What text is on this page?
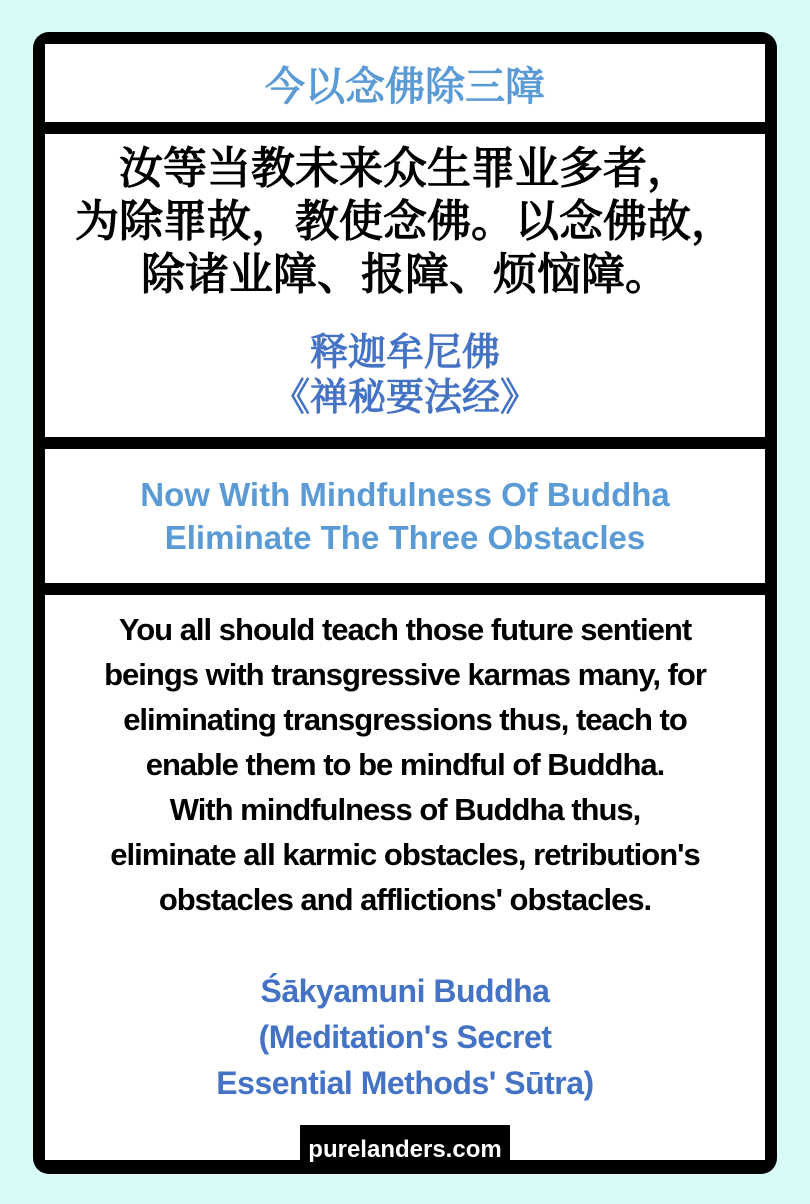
今以念佛除三障
汝等当教未来众生罪业多者，
为除罪故，教使念佛。以念佛故，
除诸业障、报障、烦恼障。
释迦牟尼佛
《禅秘要法经》
Now With Mindfulness Of Buddha
Eliminate The Three Obstacles
You all should teach those future sentient
beings with transgressive karmas many, for
eliminating transgressions thus, teach to
enable them to be mindful of Buddha.
With mindfulness of Buddha thus,
eliminate all karmic obstacles, retribution's
obstacles and afflictions' obstacles.
Śākyamuni Buddha
(Meditation's Secret
Essential Methods' Sūtra)
purelanders.com
